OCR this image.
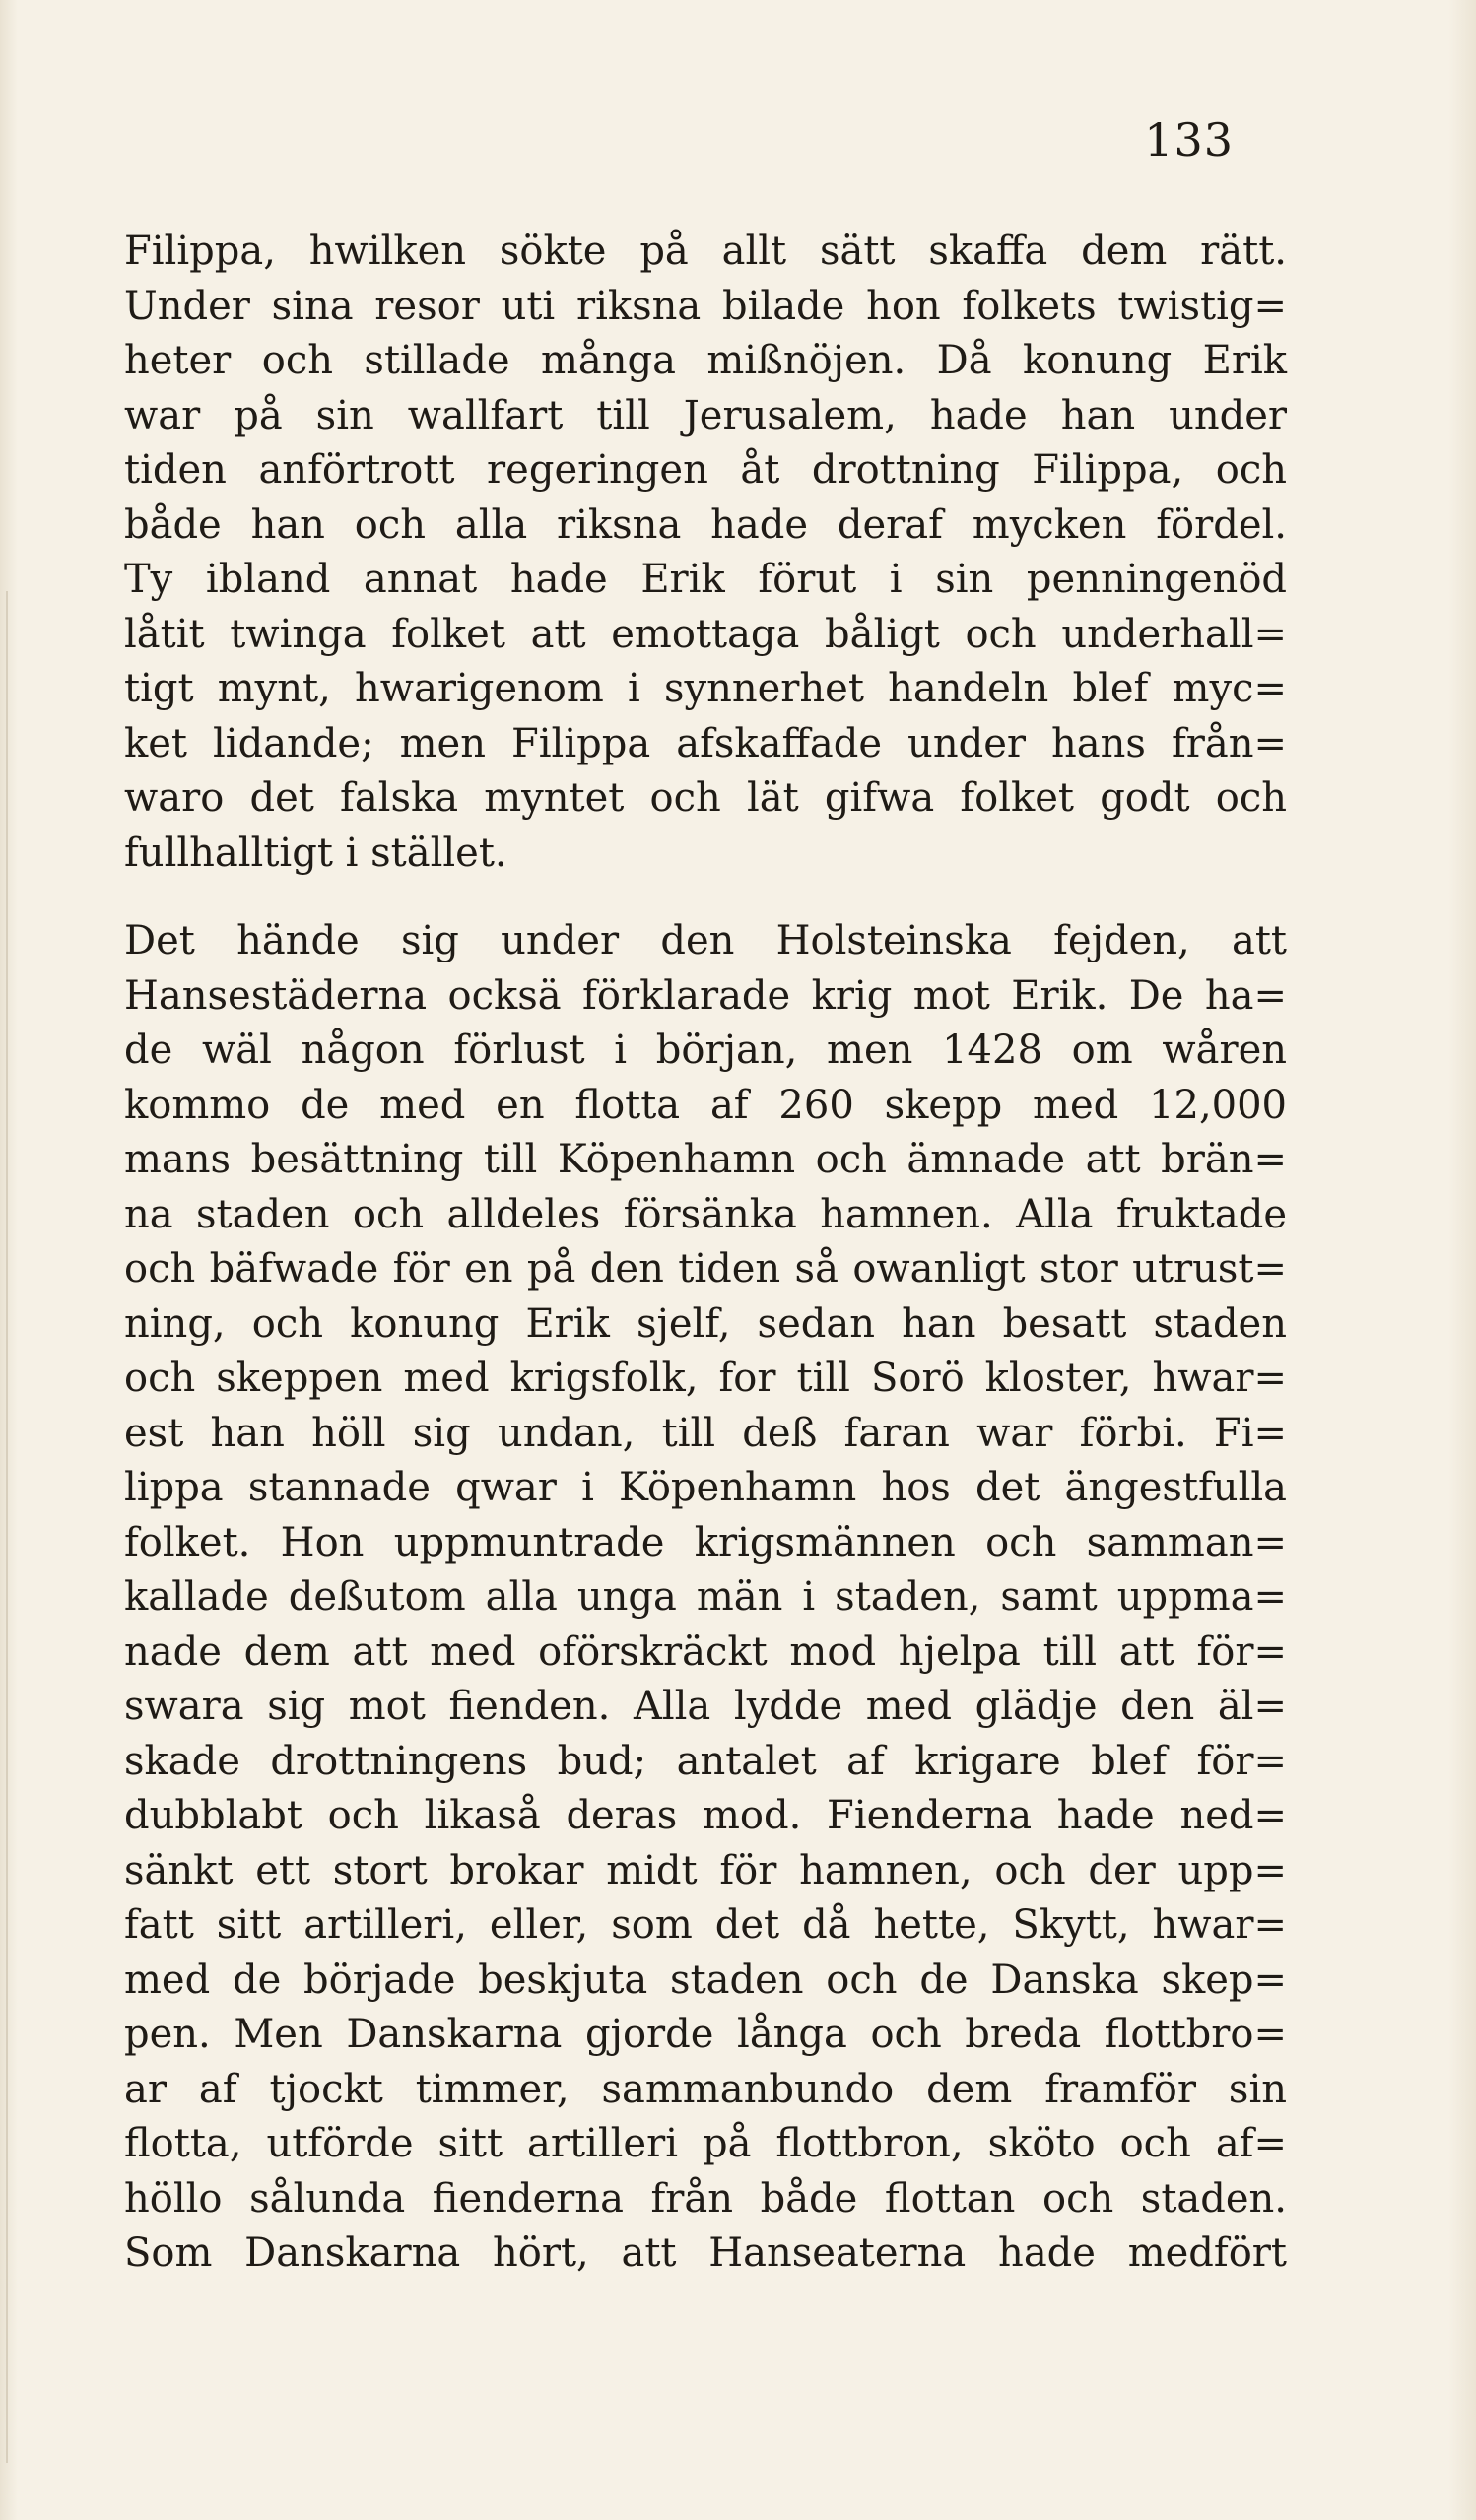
133
Filippa, hwilken sökte på allt sätt skaffa dem rätt.
Under sina resor uti riksna bilade hon folkets twistig=
heter och stillade många mißnöjen. Då konung Erik
war på sin wallfart till Jerusalem, hade han under
tiden anförtrott regeringen åt drottning Filippa, och
både han och alla riksna hade deraf mycken fördel.
Ty ibland annat hade Erik förut i sin penningenöd
låtit twinga folket att emottaga båligt och underhall=
tigt mynt, hwarigenom i synnerhet handeln blef myc=
ket lidande; men Filippa afskaffade under hans från=
waro det falska myntet och lät gifwa folket godt och
fullhalltigt i stället.
Det hände sig under den Holsteinska fejden, att
Hansestäderna ocksä förklarade krig mot Erik. De ha=
de wäl någon förlust i början, men 1428 om wåren
kommo de med en flotta af 260 skepp med 12,000
mans besättning till Köpenhamn och ämnade att brän=
na staden och alldeles försänka hamnen. Alla fruktade
och bäfwade för en på den tiden så owanligt stor utrust=
ning, och konung Erik sjelf, sedan han besatt staden
och skeppen med krigsfolk, for till Sorö kloster, hwar=
est han höll sig undan, till deß faran war förbi. Fi=
lippa stannade qwar i Köpenhamn hos det ängestfulla
folket. Hon uppmuntrade krigsmännen och samman=
kallade deßutom alla unga män i staden, samt uppma=
nade dem att med oförskräckt mod hjelpa till att för=
swara sig mot fienden. Alla lydde med glädje den äl=
skade drottningens bud; antalet af krigare blef för=
dubblabt och likaså deras mod. Fienderna hade ned=
sänkt ett stort brokar midt för hamnen, och der upp=
fatt sitt artilleri, eller, som det då hette, Skytt, hwar=
med de började beskjuta staden och de Danska skep=
pen. Men Danskarna gjorde långa och breda flottbro=
ar af tjockt timmer, sammanbundo dem framför sin
flotta, utförde sitt artilleri på flottbron, sköto och af=
höllo sålunda fienderna från både flottan och staden.
Som Danskarna hört, att Hanseaterna hade medfört
